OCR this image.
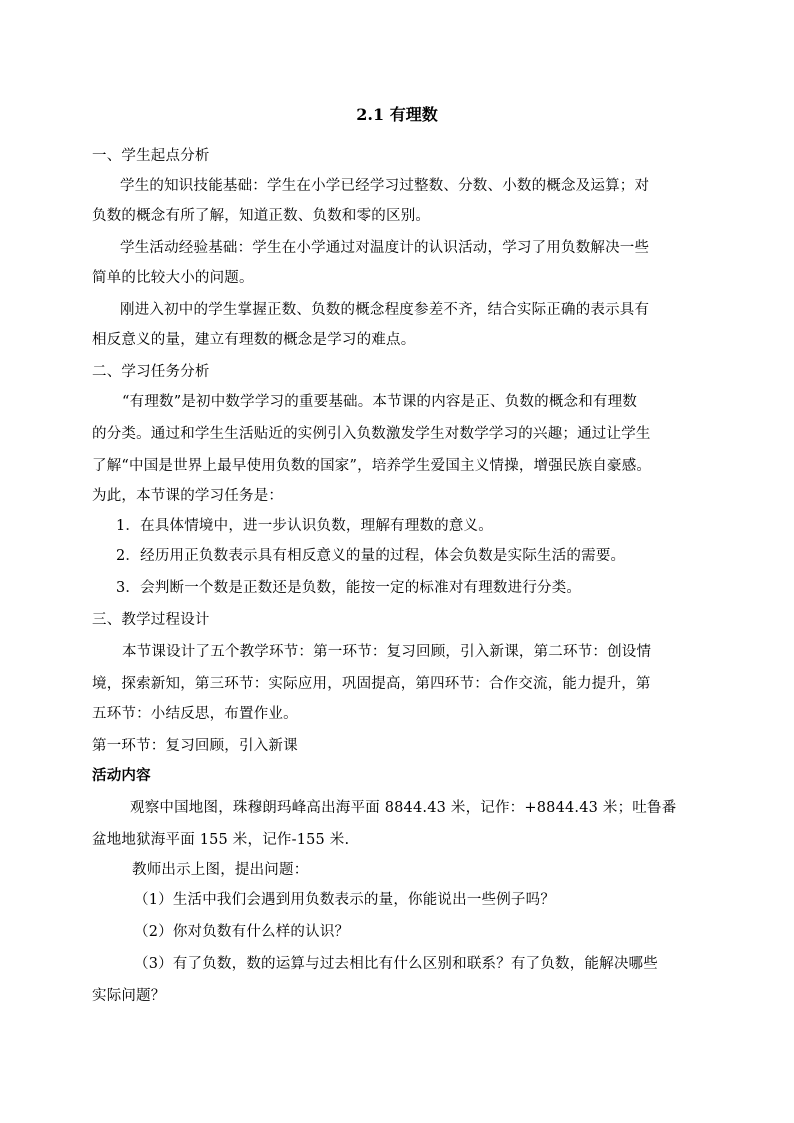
2.1 有理数
一、学生起点分析
学生的知识技能基础：学生在小学已经学习过整数、分数、小数的概念及运算；对
负数的概念有所了解，知道正数、负数和零的区别。
学生活动经验基础：学生在小学通过对温度计的认识活动，学习了用负数解决一些
简单的比较大小的问题。
刚进入初中的学生掌握正数、负数的概念程度参差不齐，结合实际正确的表示具有
相反意义的量，建立有理数的概念是学习的难点。
二、学习任务分析
“有理数”是初中数学学习的重要基础。本节课的内容是正、负数的概念和有理数
的分类。通过和学生生活贴近的实例引入负数激发学生对数学学习的兴趣；通过让学生
了解“中国是世界上最早使用负数的国家”，培养学生爱国主义情操，增强民族自豪感。
为此，本节课的学习任务是：
1．在具体情境中，进一步认识负数，理解有理数的意义。
2．经历用正负数表示具有相反意义的量的过程，体会负数是实际生活的需要。
3．会判断一个数是正数还是负数，能按一定的标准对有理数进行分类。
三、教学过程设计
本节课设计了五个教学环节：第一环节：复习回顾，引入新课，第二环节：创设情
境，探索新知，第三环节：实际应用，巩固提高，第四环节：合作交流，能力提升，第
五环节：小结反思，布置作业。
第一环节：复习回顾，引入新课
活动内容
观察中国地图，珠穆朗玛峰高出海平面 8844.43 米，记作：+8844.43 米；吐鲁番
盆地地狱海平面 155 米，记作-155 米.
教师出示上图，提出问题：
（1）生活中我们会遇到用负数表示的量，你能说出一些例子吗？
（2）你对负数有什么样的认识？
（3）有了负数，数的运算与过去相比有什么区别和联系？有了负数，能解决哪些
实际问题？
